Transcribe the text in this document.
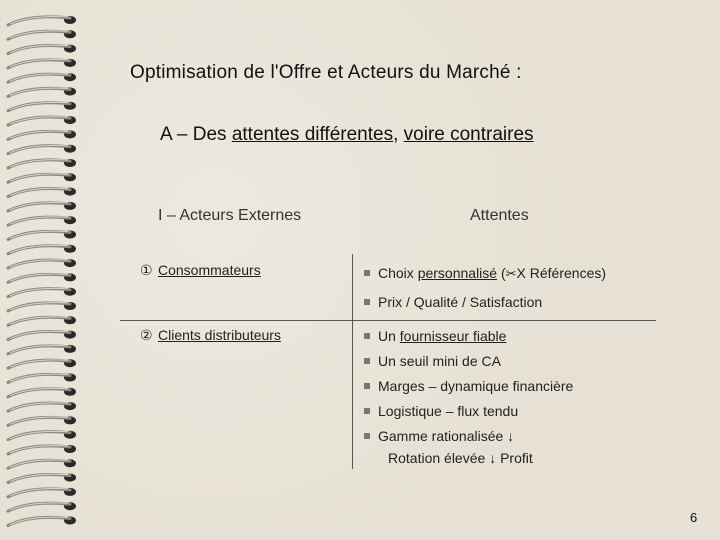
Optimisation de l'Offre et Acteurs du Marché :
A – Des attentes différentes, voire contraires
I – Acteurs Externes	Attentes
① Consommateurs	Choix personnalisé (✂X Références)
Prix / Qualité / Satisfaction
② Clients distributeurs	Un fournisseur fiable
Un seuil mini de CA
Marges – dynamique financière
Logistique – flux tendu
Gamme rationalisée ↓
Rotation élevée ↓ Profit
6
